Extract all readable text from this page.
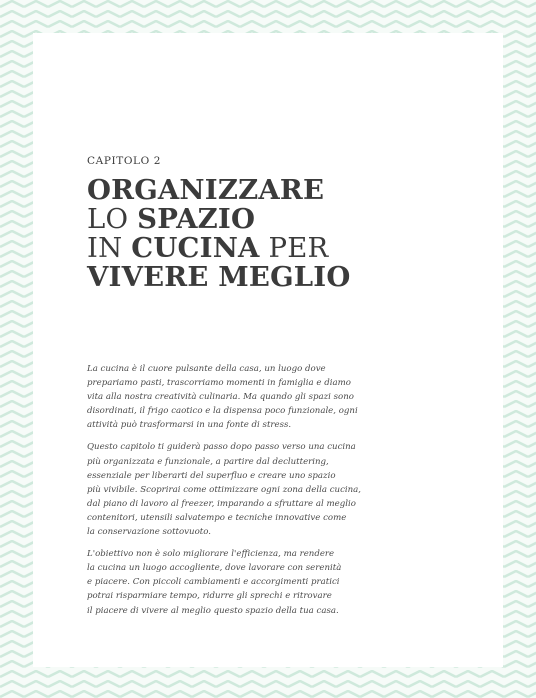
CAPITOLO 2
ORGANIZZARE
LO SPAZIO
IN CUCINA PER
VIVERE MEGLIO

La cucina è il cuore pulsante della casa, un luogo dove
prepariamo pasti, trascorriamo momenti in famiglia e diamo
vita alla nostra creatività culinaria. Ma quando gli spazi sono
disordinati, il frigo caotico e la dispensa poco funzionale, ogni
attività può trasformarsi in una fonte di stress.

Questo capitolo ti guiderà passo dopo passo verso una cucina
più organizzata e funzionale, a partire dal decluttering,
essenziale per liberarti del superfluo e creare uno spazio
più vivibile. Scoprirai come ottimizzare ogni zona della cucina,
dal piano di lavoro al freezer, imparando a sfruttare al meglio
contenitori, utensili salvatempo e tecniche innovative come
la conservazione sottovuoto.

L'obiettivo non è solo migliorare l'efficienza, ma rendere
la cucina un luogo accogliente, dove lavorare con serenità
e piacere. Con piccoli cambiamenti e accorgimenti pratici
potrai risparmiare tempo, ridurre gli sprechi e ritrovare
il piacere di vivere al meglio questo spazio della tua casa.
